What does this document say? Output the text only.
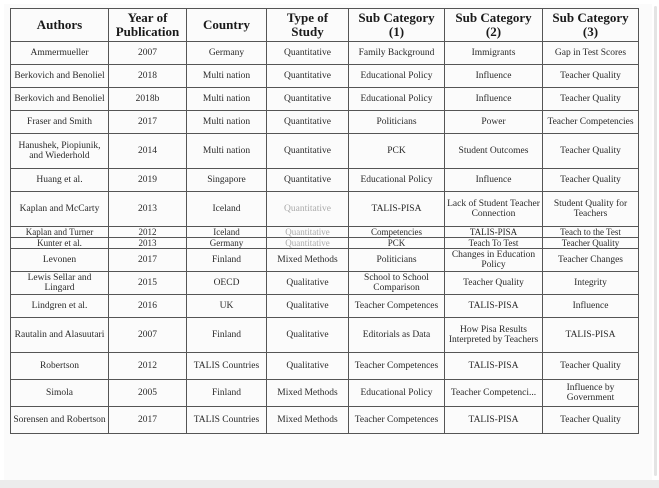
Authors	Year of Publication	Country	Type of Study	Sub Category (1)	Sub Category (2)	Sub Category (3)
Ammermueller	2007	Germany	Quantitative	Family Background	Immigrants	Gap in Test Scores
Berkovich and Benoliel	2018	Multi nation	Quantitative	Educational Policy	Influence	Teacher Quality
Berkovich and Benoliel	2018b	Multi nation	Quantitative	Educational Policy	Influence	Teacher Quality
Fraser and Smith	2017	Multi nation	Quantitative	Politicians	Power	Teacher Competencies
Hanushek, Piopiunik, and Wiederhold	2014	Multi nation	Quantitative	PCK	Student Outcomes	Teacher Quality
Huang et al.	2019	Singapore	Quantitative	Educational Policy	Influence	Teacher Quality
Kaplan and McCarty	2013	Iceland	Quantitative	TALIS-PISA	Lack of Student Teacher Connection	Student Quality for Teachers
Kaplan and Turner	2012	Iceland	Quantitative	Competencies	TALIS-PISA	Teach to the Test
Kunter et al.	2013	Germany	Quantitative	PCK	Teach To Test	Teacher Quality
Levonen	2017	Finland	Mixed Methods	Politicians	Changes in Education Policy	Teacher Changes
Lewis Sellar and Lingard	2015	OECD	Qualitative	School to School Comparison	Teacher Quality	Integrity
Lindgren et al.	2016	UK	Qualitative	Teacher Competences	TALIS-PISA	Influence
Rautalin and Alasuutari	2007	Finland	Qualitative	Editorials as Data	How Pisa Results Interpreted by Teachers	TALIS-PISA
Robertson	2012	TALIS Countries	Qualitative	Teacher Competences	TALIS-PISA	Teacher Quality
Simola	2005	Finland	Mixed Methods	Educational Policy	Teacher Competenci...	Influence by Government
Sorensen and Robertson	2017	TALIS Countries	Mixed Methods	Teacher Competences	TALIS-PISA	Teacher Quality
